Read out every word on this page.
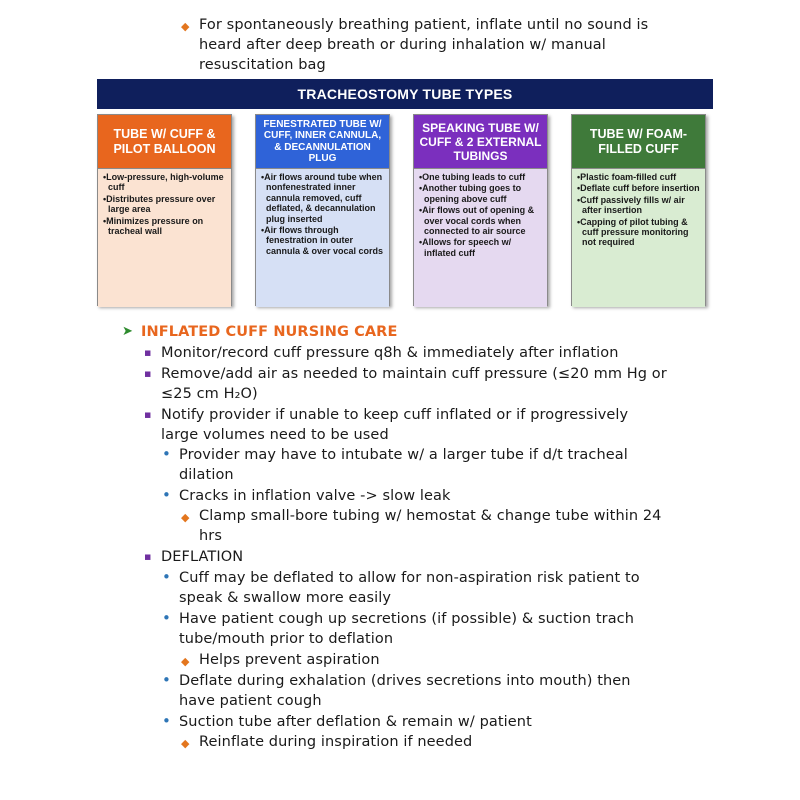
◆ For spontaneously breathing patient, inflate until no sound is
heard after deep breath or during inhalation w/ manual
resuscitation bag
TRACHEOSTOMY TUBE TYPES
TUBE W/ CUFF & PILOT BALLOON
• Low-pressure, high-volume cuff
• Distributes pressure over large area
• Minimizes pressure on tracheal wall
FENESTRATED TUBE W/ CUFF, INNER CANNULA, & DECANNULATION PLUG
• Air flows around tube when nonfenestrated inner cannula removed, cuff deflated, & decannulation plug inserted
• Air flows through fenestration in outer cannula & over vocal cords
SPEAKING TUBE W/ CUFF & 2 EXTERNAL TUBINGS
• One tubing leads to cuff
• Another tubing goes to opening above cuff
• Air flows out of opening & over vocal cords when connected to air source
• Allows for speech w/ inflated cuff
TUBE W/ FOAM-FILLED CUFF
• Plastic foam-filled cuff
• Deflate cuff before insertion
• Cuff passively fills w/ air after insertion
• Capping of pilot tubing & cuff pressure monitoring not required
➤ INFLATED CUFF NURSING CARE
▪ Monitor/record cuff pressure q8h & immediately after inflation
▪ Remove/add air as needed to maintain cuff pressure (≤20 mm Hg or
≤25 cm H₂O)
▪ Notify provider if unable to keep cuff inflated or if progressively
large volumes need to be used
• Provider may have to intubate w/ a larger tube if d/t tracheal
dilation
• Cracks in inflation valve -> slow leak
◆ Clamp small-bore tubing w/ hemostat & change tube within 24
hrs
▪ DEFLATION
• Cuff may be deflated to allow for non-aspiration risk patient to
speak & swallow more easily
• Have patient cough up secretions (if possible) & suction trach
tube/mouth prior to deflation
◆ Helps prevent aspiration
• Deflate during exhalation (drives secretions into mouth) then
have patient cough
• Suction tube after deflation & remain w/ patient
◆ Reinflate during inspiration if needed
